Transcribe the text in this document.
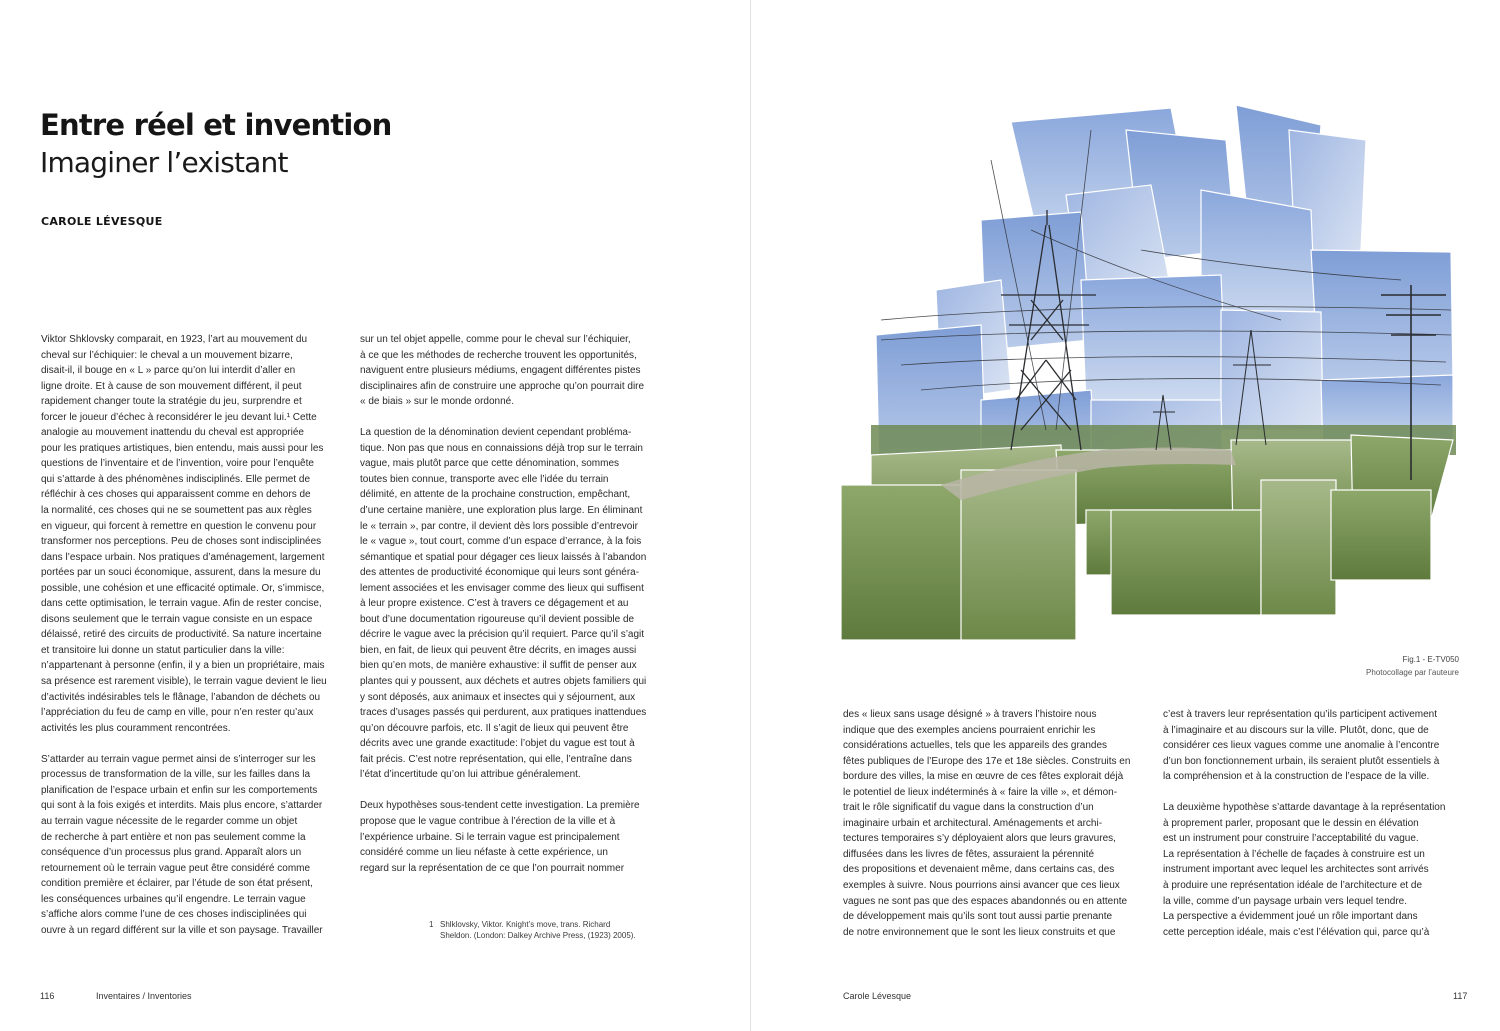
Entre réel et invention
Imaginer l’existant
CAROLE LÉVESQUE

Viktor Shklovsky comparait, en 1923, l’art au mouvement du
cheval sur l’échiquier: le cheval a un mouvement bizarre,
disait-il, il bouge en « L » parce qu’on lui interdit d’aller en
ligne droite. Et à cause de son mouvement différent, il peut
rapidement changer toute la stratégie du jeu, surprendre et
forcer le joueur d’échec à reconsidérer le jeu devant lui.¹ Cette
analogie au mouvement inattendu du cheval est appropriée
pour les pratiques artistiques, bien entendu, mais aussi pour les
questions de l’inventaire et de l’invention, voire pour l’enquête
qui s’attarde à des phénomènes indisciplinés. Elle permet de
réfléchir à ces choses qui apparaissent comme en dehors de
la normalité, ces choses qui ne se soumettent pas aux règles
en vigueur, qui forcent à remettre en question le convenu pour
transformer nos perceptions. Peu de choses sont indisciplinées
dans l’espace urbain. Nos pratiques d’aménagement, largement
portées par un souci économique, assurent, dans la mesure du
possible, une cohésion et une efficacité optimale. Or, s’immisce,
dans cette optimisation, le terrain vague. Afin de rester concise,
disons seulement que le terrain vague consiste en un espace
délaissé, retiré des circuits de productivité. Sa nature incertaine
et transitoire lui donne un statut particulier dans la ville:
n’appartenant à personne (enfin, il y a bien un propriétaire, mais
sa présence est rarement visible), le terrain vague devient le lieu
d’activités indésirables tels le flânage, l’abandon de déchets ou
l’appréciation du feu de camp en ville, pour n’en rester qu’aux
activités les plus couramment rencontrées.

S’attarder au terrain vague permet ainsi de s’interroger sur les
processus de transformation de la ville, sur les failles dans la
planification de l’espace urbain et enfin sur les comportements
qui sont à la fois exigés et interdits. Mais plus encore, s’attarder
au terrain vague nécessite de le regarder comme un objet
de recherche à part entière et non pas seulement comme la
conséquence d’un processus plus grand. Apparaît alors un
retournement où le terrain vague peut être considéré comme
condition première et éclairer, par l’étude de son état présent,
les conséquences urbaines qu’il engendre. Le terrain vague
s’affiche alors comme l’une de ces choses indisciplinées qui
ouvre à un regard différent sur la ville et son paysage. Travailler

sur un tel objet appelle, comme pour le cheval sur l’échiquier,
à ce que les méthodes de recherche trouvent les opportunités,
naviguent entre plusieurs médiums, engagent différentes pistes
disciplinaires afin de construire une approche qu’on pourrait dire
« de biais » sur le monde ordonné.

La question de la dénomination devient cependant probléma-
tique. Non pas que nous en connaissions déjà trop sur le terrain
vague, mais plutôt parce que cette dénomination, sommes
toutes bien connue, transporte avec elle l’idée du terrain
délimité, en attente de la prochaine construction, empêchant,
d’une certaine manière, une exploration plus large. En éliminant
le « terrain », par contre, il devient dès lors possible d’entrevoir
le « vague », tout court, comme d’un espace d’errance, à la fois
sémantique et spatial pour dégager ces lieux laissés à l’abandon
des attentes de productivité économique qui leurs sont généra-
lement associées et les envisager comme des lieux qui suffisent
à leur propre existence. C’est à travers ce dégagement et au
bout d’une documentation rigoureuse qu’il devient possible de
décrire le vague avec la précision qu’il requiert. Parce qu’il s’agit
bien, en fait, de lieux qui peuvent être décrits, en images aussi
bien qu’en mots, de manière exhaustive: il suffit de penser aux
plantes qui y poussent, aux déchets et autres objets familiers qui
y sont déposés, aux animaux et insectes qui y séjournent, aux
traces d’usages passés qui perdurent, aux pratiques inattendues
qu’on découvre parfois, etc. Il s’agit de lieux qui peuvent être
décrits avec une grande exactitude: l’objet du vague est tout à
fait précis. C’est notre représentation, qui elle, l’entraîne dans
l’état d’incertitude qu’on lui attribue généralement.

Deux hypothèses sous-tendent cette investigation. La première
propose que le vague contribue à l’érection de la ville et à
l’expérience urbaine. Si le terrain vague est principalement
considéré comme un lieu néfaste à cette expérience, un
regard sur la représentation de ce que l’on pourrait nommer

1 Shlklovsky, Viktor. Knight’s move, trans. Richard
Sheldon. (London: Dalkey Archive Press, (1923) 2005).
116	Inventaires / Inventories
Fig.1 - E-TV050
Photocollage par l’auteure

des « lieux sans usage désigné » à travers l’histoire nous
indique que des exemples anciens pourraient enrichir les
considérations actuelles, tels que les appareils des grandes
fêtes publiques de l’Europe des 17e et 18e siècles. Construits en
bordure des villes, la mise en œuvre de ces fêtes explorait déjà
le potentiel de lieux indéterminés à « faire la ville », et démon-
trait le rôle significatif du vague dans la construction d’un
imaginaire urbain et architectural. Aménagements et archi-
tectures temporaires s’y déployaient alors que leurs gravures,
diffusées dans les livres de fêtes, assuraient la pérennité
des propositions et devenaient même, dans certains cas, des
exemples à suivre. Nous pourrions ainsi avancer que ces lieux
vagues ne sont pas que des espaces abandonnés ou en attente
de développement mais qu’ils sont tout aussi partie prenante
de notre environnement que le sont les lieux construits et que

c’est à travers leur représentation qu’ils participent activement
à l’imaginaire et au discours sur la ville. Plutôt, donc, que de
considérer ces lieux vagues comme une anomalie à l’encontre
d’un bon fonctionnement urbain, ils seraient plutôt essentiels à
la compréhension et à la construction de l’espace de la ville.

La deuxième hypothèse s’attarde davantage à la représentation
à proprement parler, proposant que le dessin en élévation
est un instrument pour construire l’acceptabilité du vague.
La représentation à l’échelle de façades à construire est un
instrument important avec lequel les architectes sont arrivés
à produire une représentation idéale de l’architecture et de
la ville, comme d’un paysage urbain vers lequel tendre.
La perspective a évidemment joué un rôle important dans
cette perception idéale, mais c’est l’élévation qui, parce qu’à

Carole Lévesque	117
